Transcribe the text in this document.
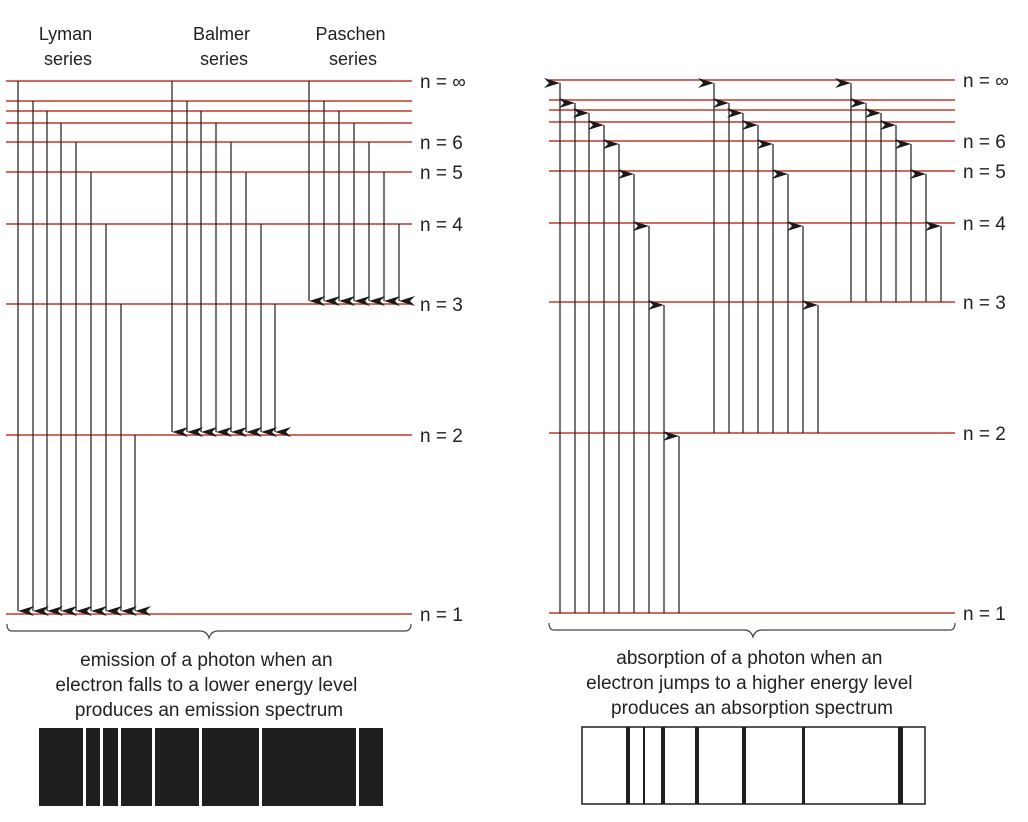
Lyman series
Balmer series
Paschen series
n = ∞
n = 6
n = 5
n = 4
n = 3
n = 2
n = 1
emission of a photon when an electron falls to a lower energy level produces an emission spectrum
n = ∞
n = 6
n = 5
n = 4
n = 3
n = 2
n = 1
absorption of a photon when an electron jumps to a higher energy level produces an absorption spectrum
